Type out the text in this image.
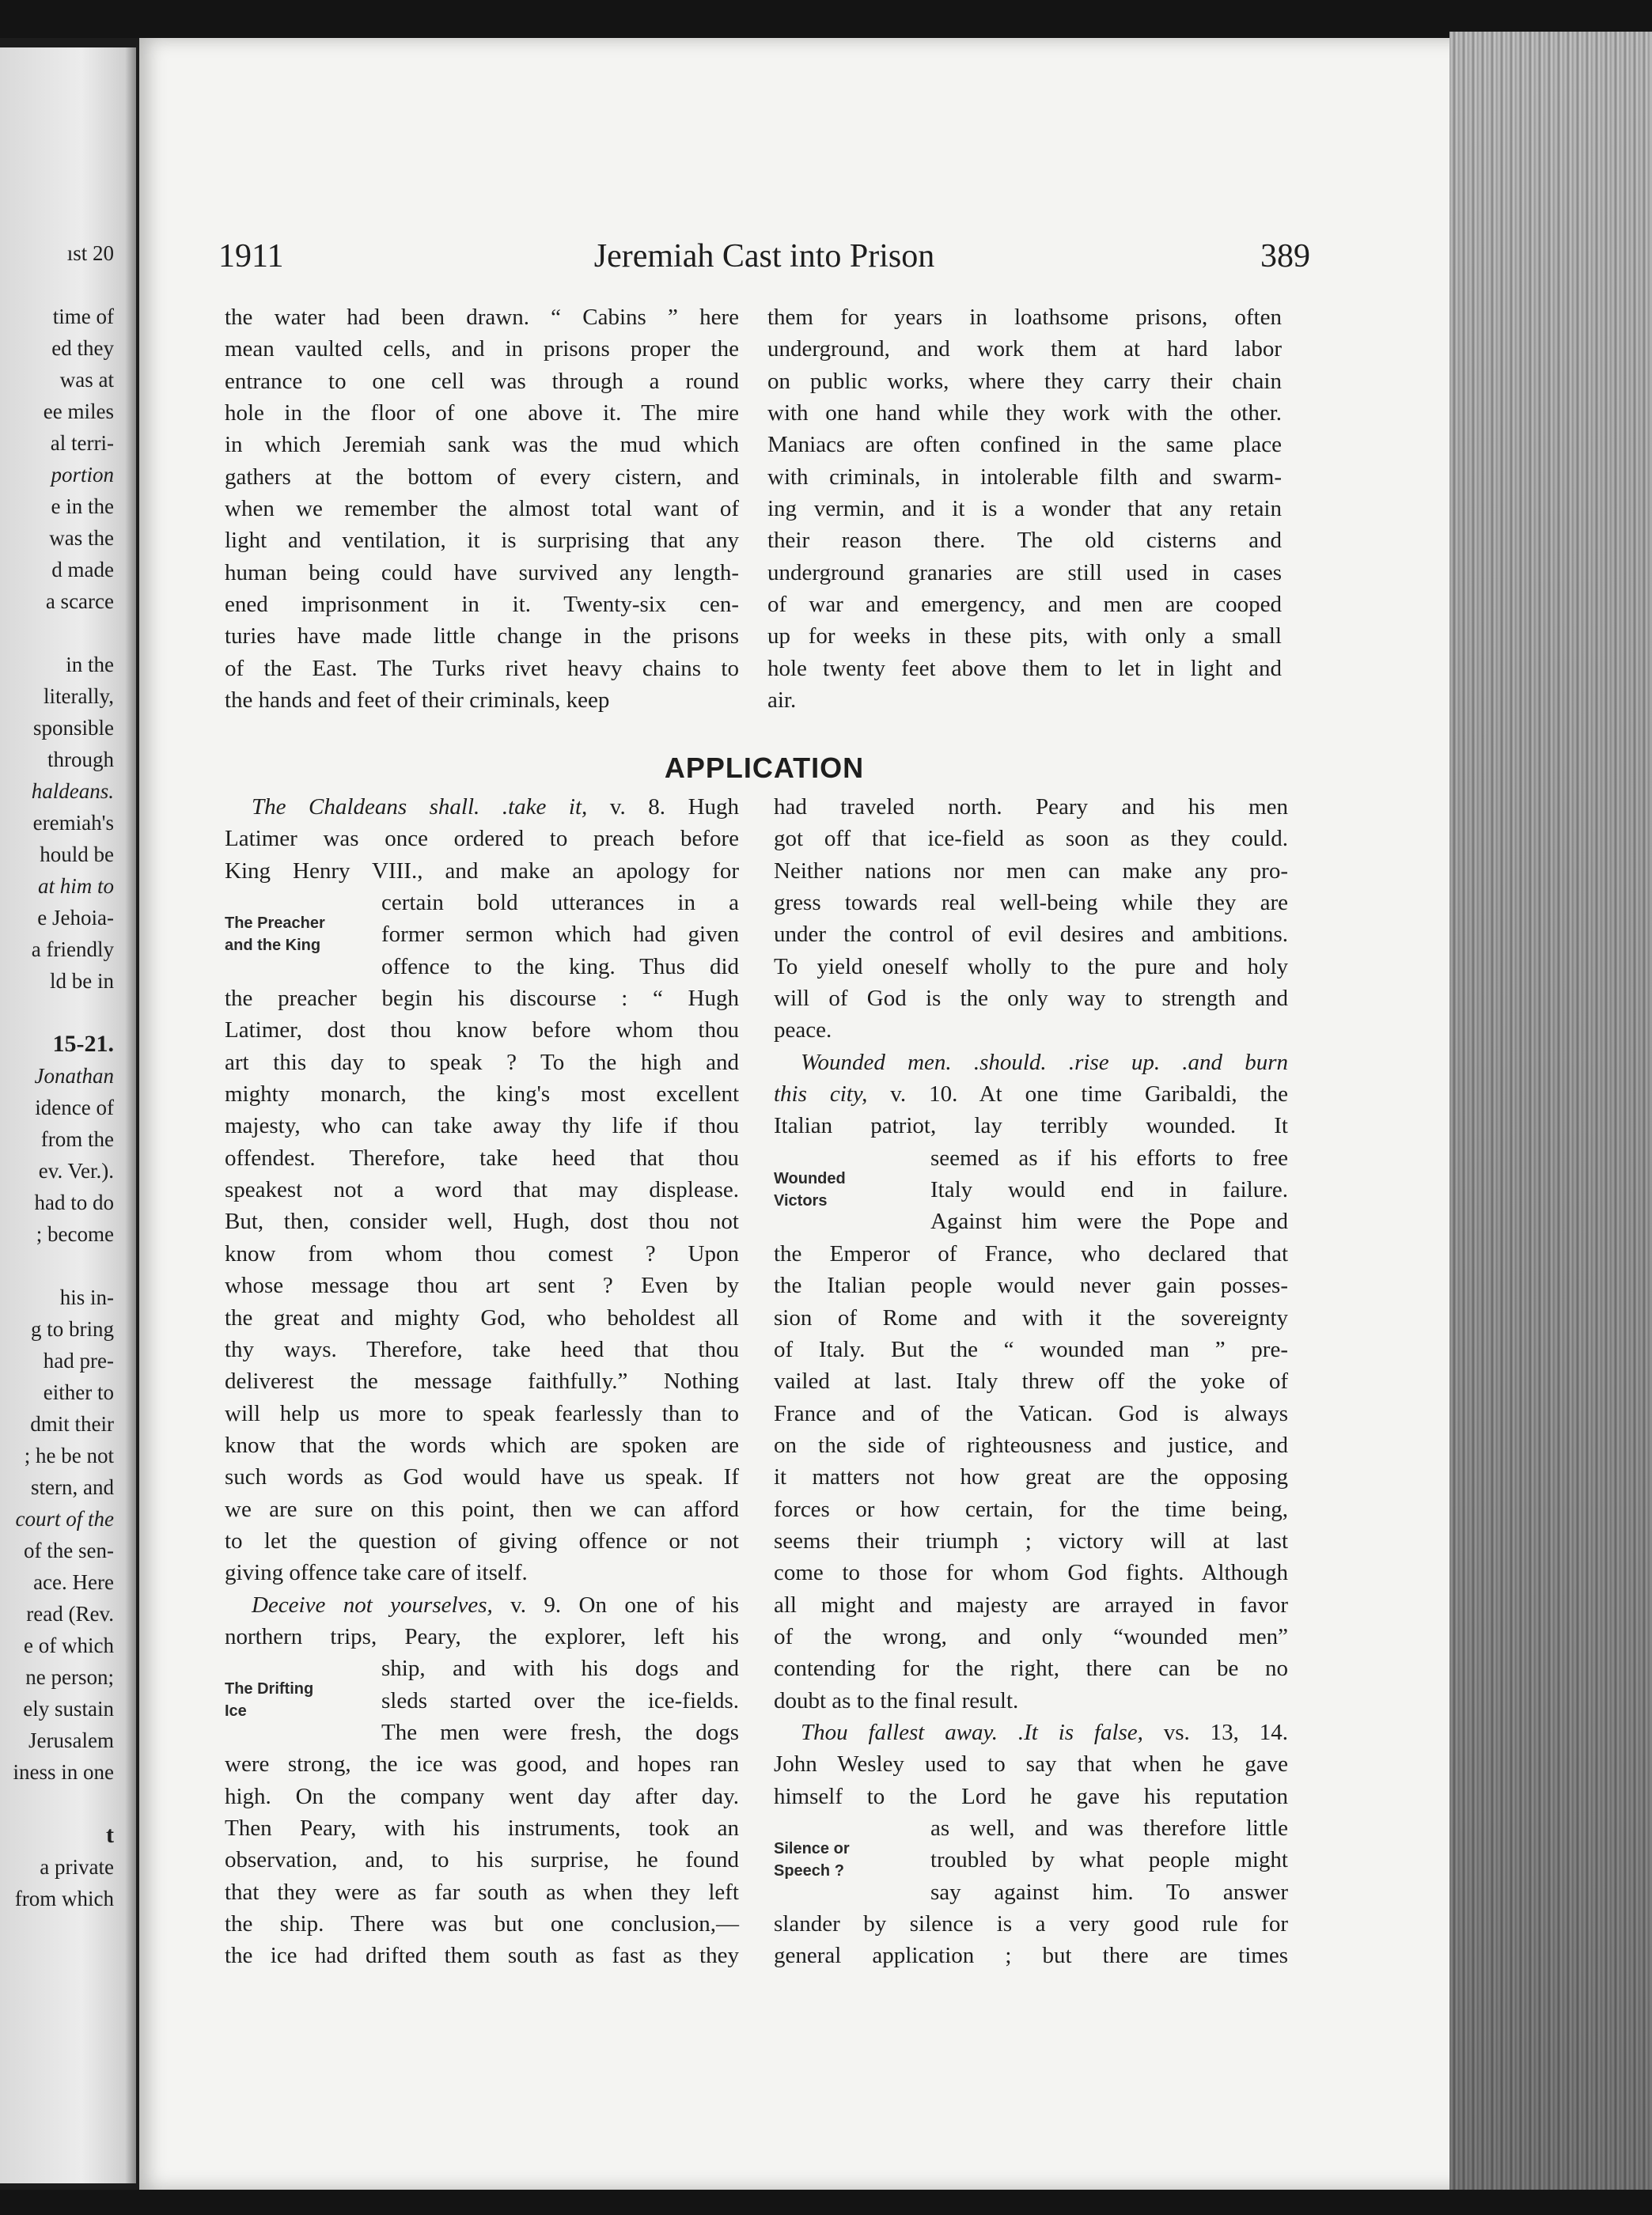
ıst 20
time of
ed they
was at
ee miles
al terri-
portion
e in the
was the
d made
a scarce
in the
literally,
sponsible
through
haldeans.
eremiah's
hould be
at him to
e Jehoia-
a friendly
ld be in
15-21.
Jonathan
idence of
from the
ev. Ver.).
had to do
; become
his in-
g to bring
had pre-
either to
dmit their
; he be not
stern, and
court of the
of the sen-
ace. Here
read (Rev.
e of which
ne person;
ely sustain
Jerusalem
iness in one
t
a private
from which
1911	Jeremiah Cast into Prison	389
the water had been drawn. “ Cabins ” here
mean vaulted cells, and in prisons proper the
entrance to one cell was through a round
hole in the floor of one above it. The mire
in which Jeremiah sank was the mud which
gathers at the bottom of every cistern, and
when we remember the almost total want of
light and ventilation, it is surprising that any
human being could have survived any length-
ened imprisonment in it. Twenty-six cen-
turies have made little change in the prisons
of the East. The Turks rivet heavy chains to
the hands and feet of their criminals, keep
them for years in loathsome prisons, often
underground, and work them at hard labor
on public works, where they carry their chain
with one hand while they work with the other.
Maniacs are often confined in the same place
with criminals, in intolerable filth and swarm-
ing vermin, and it is a wonder that any retain
their reason there. The old cisterns and
underground granaries are still used in cases
of war and emergency, and men are cooped
up for weeks in these pits, with only a small
hole twenty feet above them to let in light and
air.
APPLICATION
The Chaldeans shall. .take it, v. 8. Hugh
Latimer was once ordered to preach before
King Henry VIII., and make an apology for
The Preacher
and the King
certain bold utterances in a
former sermon which had given
offence to the king. Thus did
the preacher begin his discourse : “ Hugh
Latimer, dost thou know before whom thou
art this day to speak ? To the high and
mighty monarch, the king's most excellent
majesty, who can take away thy life if thou
offendest. Therefore, take heed that thou
speakest not a word that may displease.
But, then, consider well, Hugh, dost thou not
know from whom thou comest ? Upon
whose message thou art sent ? Even by
the great and mighty God, who beholdest all
thy ways. Therefore, take heed that thou
deliverest the message faithfully.” Nothing
will help us more to speak fearlessly than to
know that the words which are spoken are
such words as God would have us speak. If
we are sure on this point, then we can afford
to let the question of giving offence or not
giving offence take care of itself.
Deceive not yourselves, v. 9. On one of his
northern trips, Peary, the explorer, left his
The Drifting
Ice
ship, and with his dogs and
sleds started over the ice-fields.
The men were fresh, the dogs
were strong, the ice was good, and hopes ran
high. On the company went day after day.
Then Peary, with his instruments, took an
observation, and, to his surprise, he found
that they were as far south as when they left
the ship. There was but one conclusion,—
the ice had drifted them south as fast as they
had traveled north. Peary and his men
got off that ice-field as soon as they could.
Neither nations nor men can make any pro-
gress towards real well-being while they are
under the control of evil desires and ambitions.
To yield oneself wholly to the pure and holy
will of God is the only way to strength and
peace.
Wounded men. .should. .rise up. .and burn
this city, v. 10. At one time Garibaldi, the
Italian patriot, lay terribly wounded. It
Wounded
Victors
seemed as if his efforts to free
Italy would end in failure.
Against him were the Pope and
the Emperor of France, who declared that
the Italian people would never gain posses-
sion of Rome and with it the sovereignty
of Italy. But the “ wounded man ” pre-
vailed at last. Italy threw off the yoke of
France and of the Vatican. God is always
on the side of righteousness and justice, and
it matters not how great are the opposing
forces or how certain, for the time being,
seems their triumph ; victory will at last
come to those for whom God fights. Although
all might and majesty are arrayed in favor
of the wrong, and only “wounded men”
contending for the right, there can be no
doubt as to the final result.
Thou fallest away. .It is false, vs. 13, 14.
John Wesley used to say that when he gave
himself to the Lord he gave his reputation
Silence or
Speech ?
as well, and was therefore little
troubled by what people might
say against him. To answer
slander by silence is a very good rule for
general application ; but there are times
